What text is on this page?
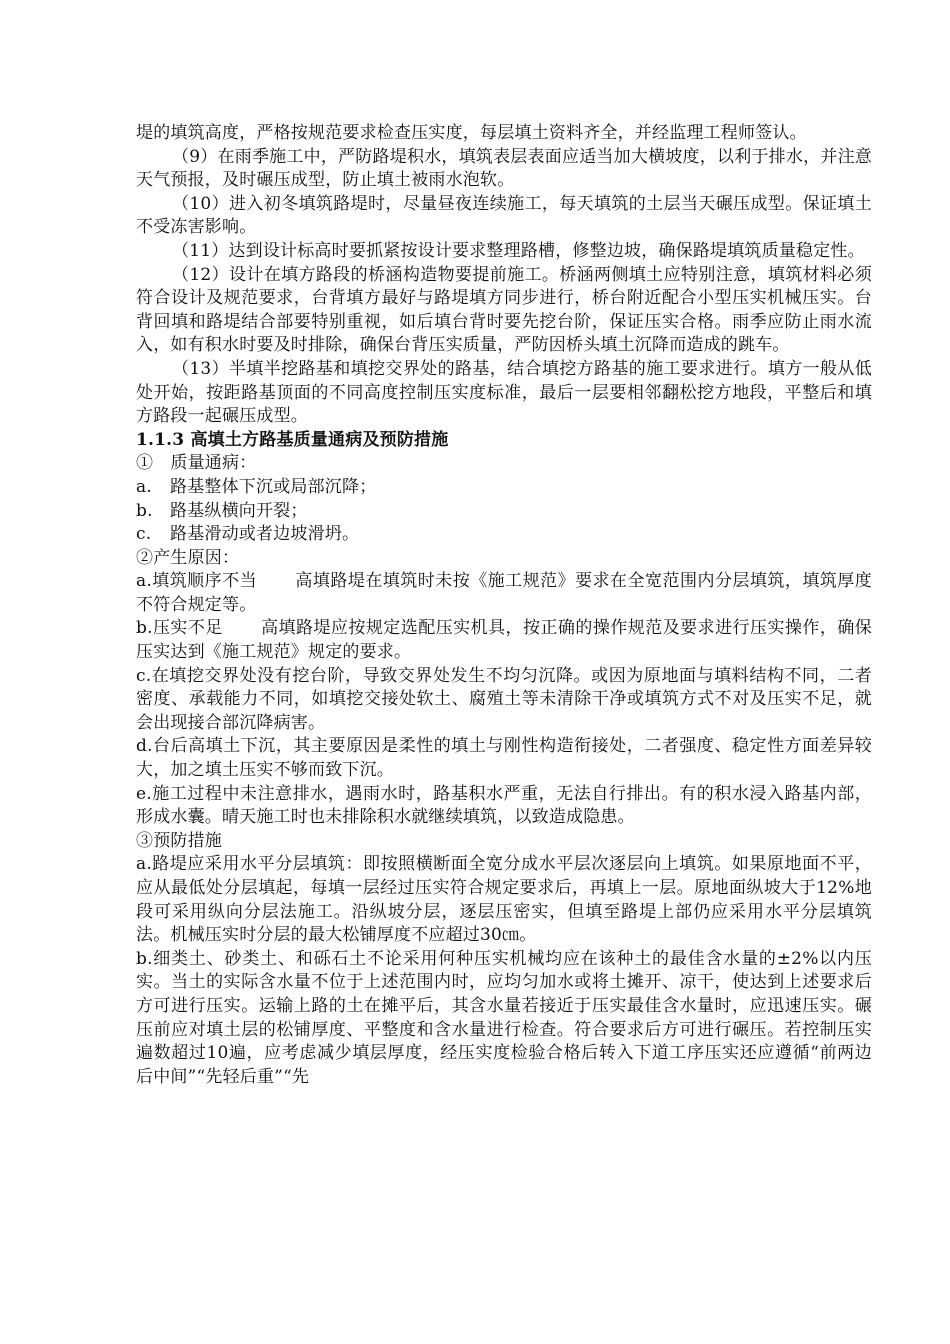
堤的填筑高度，严格按规范要求检查压实度，每层填土资料齐全，并经监理工程师签认。

（9）在雨季施工中，严防路堤积水，填筑表层表面应适当加大横坡度，以利于排水，并注意天气预报，及时碾压成型，防止填土被雨水泡软。

（10）进入初冬填筑路堤时，尽量昼夜连续施工，每天填筑的土层当天碾压成型。保证填土不受冻害影响。

（11）达到设计标高时要抓紧按设计要求整理路槽，修整边坡，确保路堤填筑质量稳定性。

（12）设计在填方路段的桥涵构造物要提前施工。桥涵两侧填土应特别注意，填筑材料必须符合设计及规范要求，台背填方最好与路堤填方同步进行，桥台附近配合小型压实机械压实。台背回填和路堤结合部要特别重视，如后填台背时要先挖台阶，保证压实合格。雨季应防止雨水流入，如有积水时要及时排除，确保台背压实质量，严防因桥头填土沉降而造成的跳车。

（13）半填半挖路基和填挖交界处的路基，结合填挖方路基的施工要求进行。填方一般从低处开始，按距路基顶面的不同高度控制压实度标准，最后一层要相邻翻松挖方地段，平整后和填方路段一起碾压成型。

1.1.3 高填土方路基质量通病及预防措施

①　质量通病：

a. 路基整体下沉或局部沉降；

b. 路基纵横向开裂；

c. 路基滑动或者边坡滑坍。

②产生原因：

a.填筑顺序不当 高填路堤在填筑时未按《施工规范》要求在全宽范围内分层填筑，填筑厚度不符合规定等。

b.压实不足 高填路堤应按规定选配压实机具，按正确的操作规范及要求进行压实操作，确保压实达到《施工规范》规定的要求。

c.在填挖交界处没有挖台阶，导致交界处发生不均匀沉降。或因为原地面与填料结构不同，二者密度、承载能力不同，如填挖交接处软土、腐殖土等未清除干净或填筑方式不对及压实不足，就会出现接合部沉降病害。

d.台后高填土下沉，其主要原因是柔性的填土与刚性构造衔接处，二者强度、稳定性方面差异较大，加之填土压实不够而致下沉。

e.施工过程中未注意排水，遇雨水时，路基积水严重，无法自行排出。有的积水浸入路基内部，形成水囊。晴天施工时也未排除积水就继续填筑，以致造成隐患。

③预防措施

a.路堤应采用水平分层填筑：即按照横断面全宽分成水平层次逐层向上填筑。如果原地面不平，应从最低处分层填起，每填一层经过压实符合规定要求后，再填上一层。原地面纵坡大于12%地段可采用纵向分层法施工。沿纵坡分层，逐层压密实，但填至路堤上部仍应采用水平分层填筑法。机械压实时分层的最大松铺厚度不应超过30㎝。

b.细类土、砂类土、和砾石土不论采用何种压实机械均应在该种土的最佳含水量的±2%以内压实。当土的实际含水量不位于上述范围内时，应均匀加水或将土摊开、凉干，使达到上述要求后方可进行压实。运输上路的土在摊平后，其含水量若接近于压实最佳含水量时，应迅速压实。碾压前应对填土层的松铺厚度、平整度和含水量进行检查。符合要求后方可进行碾压。若控制压实遍数超过10遍，应考虑减少填层厚度，经压实度检验合格后转入下道工序压实还应遵循“前两边后中间”“先轻后重”“先
